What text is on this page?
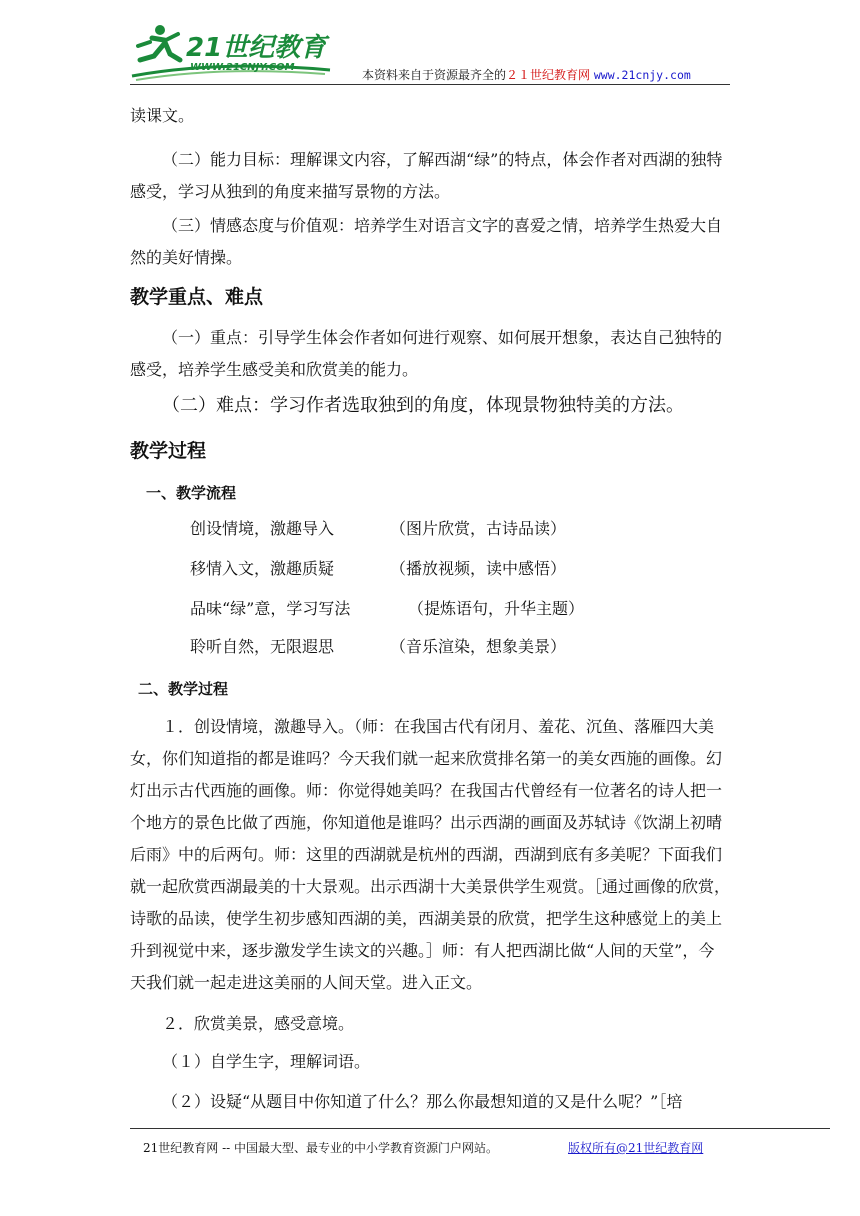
21世纪教育
WWW.21CNJY.COM
本资料来自于资源最齐全的２１世纪教育网 www.21cnjy.com

读课文。

（二）能力目标：理解课文内容，了解西湖“绿”的特点，体会作者对西湖的独特感受，学习从独到的角度来描写景物的方法。

（三）情感态度与价值观：培养学生对语言文字的喜爱之情，培养学生热爱大自然的美好情操。

教学重点、难点

（一）重点：引导学生体会作者如何进行观察、如何展开想象，表达自己独特的感受，培养学生感受美和欣赏美的能力。

（二）难点：学习作者选取独到的角度，体现景物独特美的方法。

教学过程
一、教学流程
创设情境，激趣导入	（图片欣赏，古诗品读）
移情入文，激趣质疑	（播放视频，读中感悟）
品味“绿”意，学习写法	（提炼语句，升华主题）
聆听自然，无限遐思	（音乐渲染，想象美景）
二、教学过程

１．创设情境，激趣导入。（师：在我国古代有闭月、羞花、沉鱼、落雁四大美女，你们知道指的都是谁吗？今天我们就一起来欣赏排名第一的美女西施的画像。幻灯出示古代西施的画像。师：你觉得她美吗？在我国古代曾经有一位著名的诗人把一个地方的景色比做了西施，你知道他是谁吗？出示西湖的画面及苏轼诗《饮湖上初晴后雨》中的后两句。师：这里的西湖就是杭州的西湖，西湖到底有多美呢？下面我们就一起欣赏西湖最美的十大景观。出示西湖十大美景供学生观赏。［通过画像的欣赏，诗歌的品读，使学生初步感知西湖的美，西湖美景的欣赏，把学生这种感觉上的美上升到视觉中来，逐步激发学生读文的兴趣。］师：有人把西湖比做“人间的天堂”，今天我们就一起走进这美丽的人间天堂。进入正文。

２．欣赏美景，感受意境。

（１）自学生字，理解词语。

（２）设疑“从题目中你知道了什么？那么你最想知道的又是什么呢？”［培

21世纪教育网 -- 中国最大型、最专业的中小学教育资源门户网站。	版权所有@21世纪教育网
